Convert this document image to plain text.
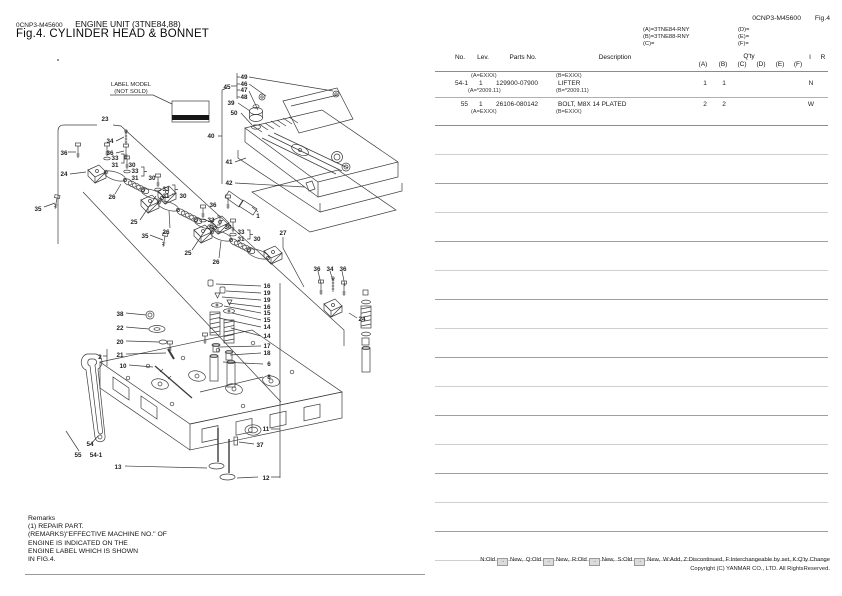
0CNP3-M45600 ENGINE UNIT (3TNE84,88)
Fig.4. CYLINDER HEAD & BONNET
0CNP3-M45600 Fig.4
LABEL MODEL
(NOT SOLD)
23
34
36
36
24
33
31 30
33
31 30
33
31 30
36
35
25
26
35
26
25
26
33
31 30
33
31 30
27
36 34 36
24
49
46
47
48
45
39
50
40
41
42
1
16
19
19
16
15
15
14
14
17
18
6
8
38
22
20
21
10
2
11
37
12
13
54
55 54-1
(A)=3TNE84-RNY
(B)=3TNE88-RNY
(C)=
(D)=
(E)=
(F)=
No.	Lev.	Parts No.	Description	Q'ty	I	R
(A)	(B)	(C)	(D)	(E)	(F)
(A=EXXX)	(B=EXXX)
54-1 1 129900-07900	LIFTER	1	1	N
(A=*2009.11)	(B=*2009.11)
55 1 26106-080142	BOLT, M8X 14 PLATED	2	2	W
(A=EXXX)	(B=EXXX)
Remarks
(1) REPAIR PART.
(REMARKS)"EFFECTIVE MACHINE NO." OF
ENGINE IS INDICATED ON THE
ENGINE LABEL WHICH IS SHOWN
IN FIG.4.	N:Old → New, Q:Old → New, R:Old → New, S:Old → New, W:Add, Z:Discontinued, F:Interchangeable by set, K:Q'ty Change
Copyright (C) YANMAR CO., LTD. All RightsReserved.
